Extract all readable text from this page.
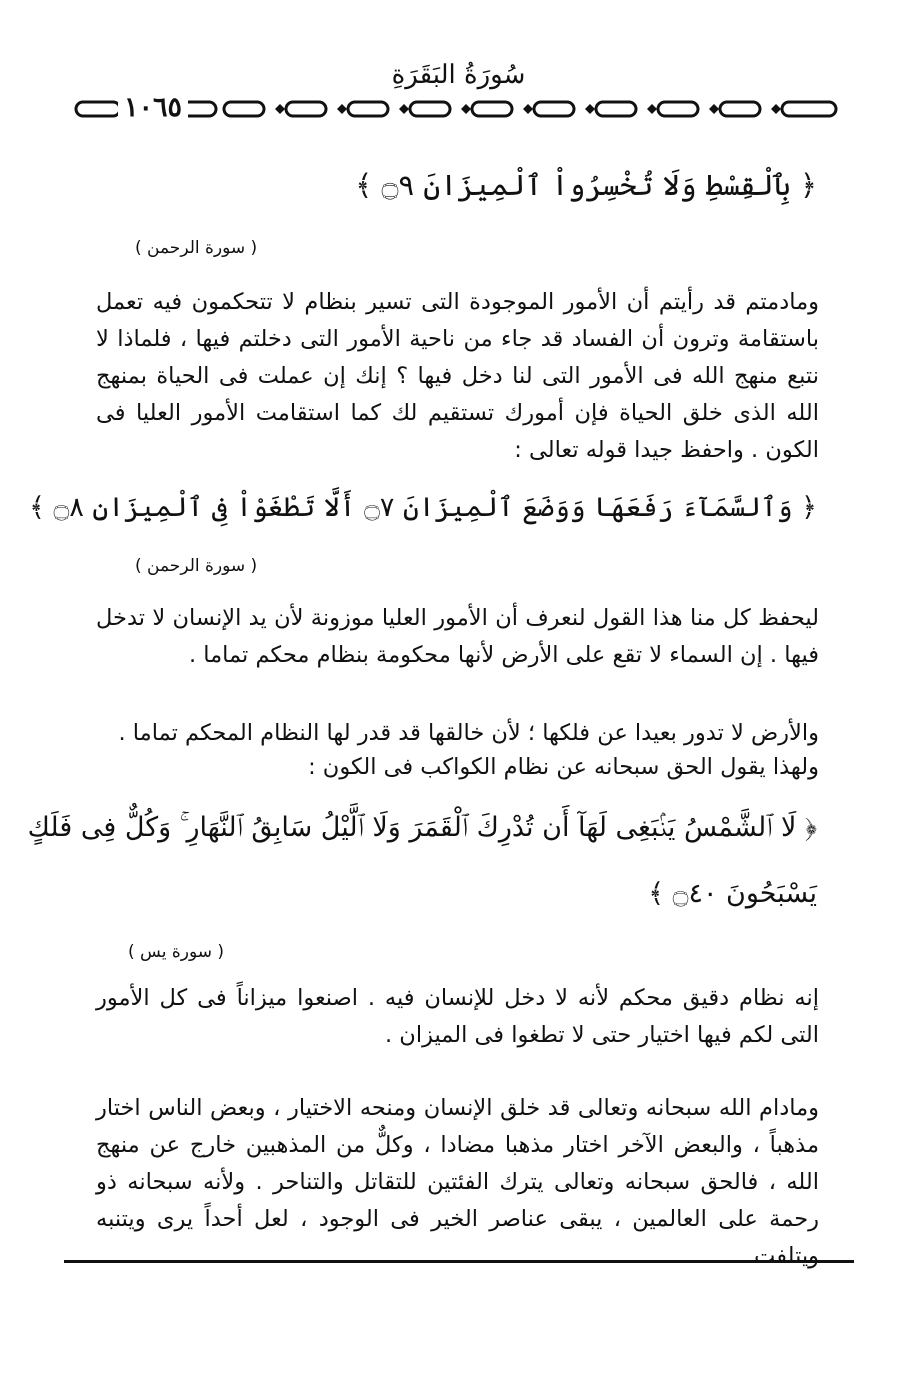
سُورَةُ البَقَرَةِ
١٠٦٥
﴿ بِٱلْقِسْطِ وَلَا تُخْسِرُواْ ٱلْمِيزَانَ ۝٩ ﴾
( سورة الرحمن )

ومادمتم قد رأيتم أن الأمور الموجودة التى تسير بنظام لا تتحكمون فيه تعمل باستقامة وترون أن الفساد قد جاء من ناحية الأمور التى دخلتم فيها ، فلماذا لا نتبع منهج الله فى الأمور التى لنا دخل فيها ؟ إنك إن عملت فى الحياة بمنهج الله الذى خلق الحياة فإن أمورك تستقيم لك كما استقامت الأمور العليا فى الكون . واحفظ جيدا قوله تعالى :

﴿ وَٱلسَّمَآءَ رَفَعَهَا وَوَضَعَ ٱلْمِيزَانَ ۝٧ أَلَّا تَطْغَوْاْ فِى ٱلْمِيزَانِ ۝٨ ﴾
( سورة الرحمن )

ليحفظ كل منا هذا القول لنعرف أن الأمور العليا موزونة لأن يد الإنسان لا تدخل فيها . إن السماء لا تقع على الأرض لأنها محكومة بنظام محكم تماما .

والأرض لا تدور بعيدا عن فلكها ؛ لأن خالقها قد قدر لها النظام المحكم تماما .

ولهذا يقول الحق سبحانه عن نظام الكواكب فى الكون :

﴿ لَا ٱلشَّمْسُ يَنۢبَغِى لَهَآ أَن تُدْرِكَ ٱلْقَمَرَ وَلَا ٱلَّيْلُ سَابِقُ ٱلنَّهَارِ ۚ وَكُلٌّ فِى فَلَكٍ
يَسْبَحُونَ ۝٤٠ ﴾
( سورة يس )

إنه نظام دقيق محكم لأنه لا دخل للإنسان فيه . اصنعوا ميزاناً فى كل الأمور التى لكم فيها اختيار حتى لا تطغوا فى الميزان .

ومادام الله سبحانه وتعالى قد خلق الإنسان ومنحه الاختيار ، وبعض الناس اختار مذهباً ، والبعض الآخر اختار مذهبا مضادا ، وكلٌّ من المذهبين خارج عن منهج الله ، فالحق سبحانه وتعالى يترك الفئتين للتقاتل والتناحر . ولأنه سبحانه ذو رحمة على العالمين ، يبقى عناصر الخير فى الوجود ، لعل أحداً يرى ويتنبه ويتلفت
